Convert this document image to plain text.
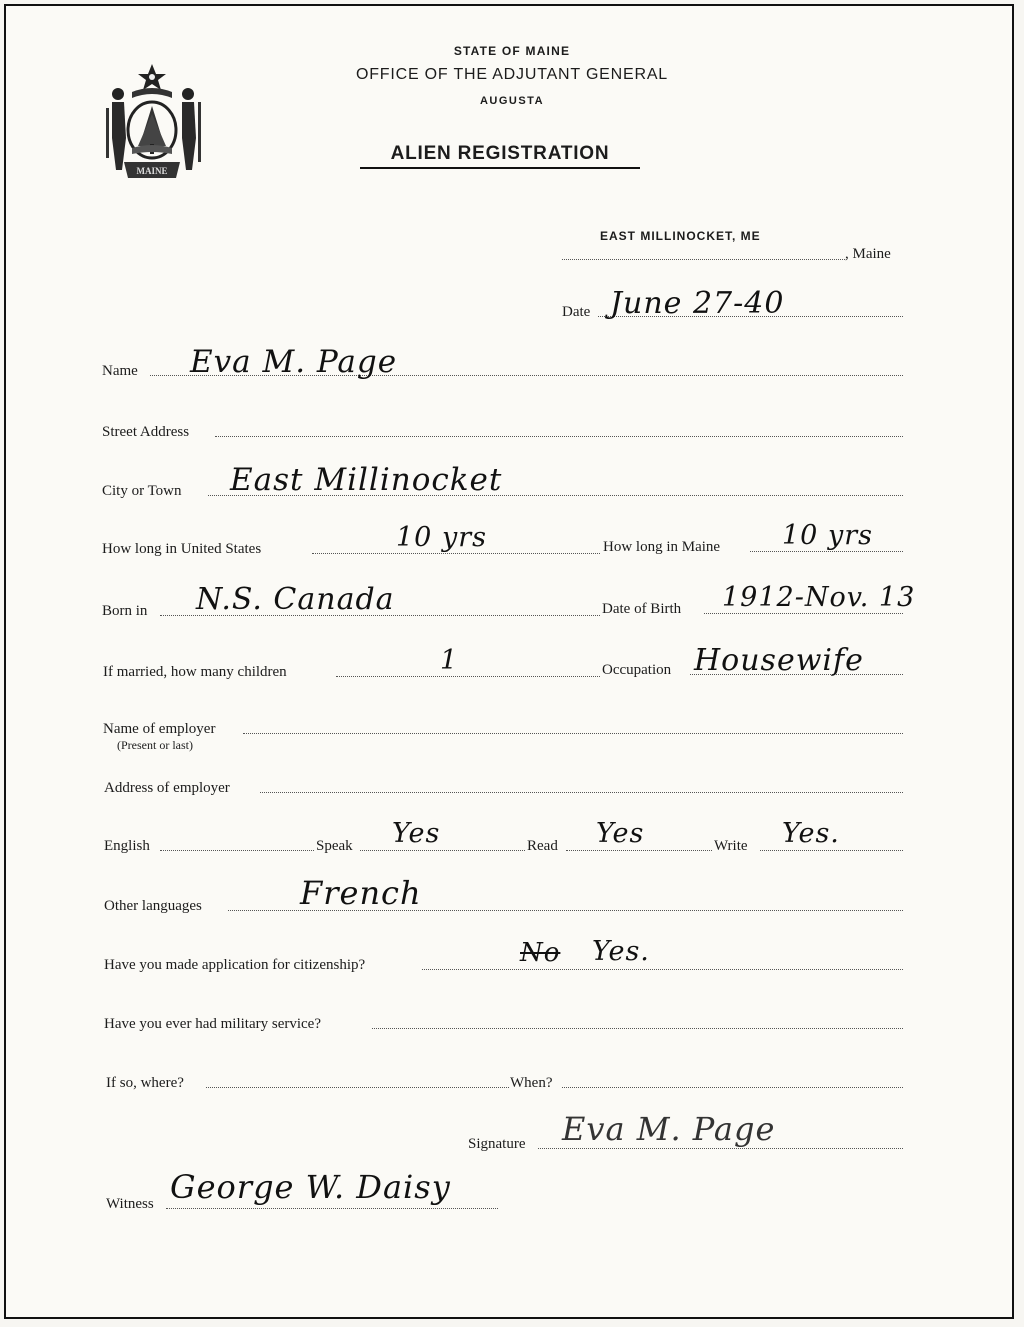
MAINE
STATE OF MAINE
OFFICE OF THE ADJUTANT GENERAL
AUGUSTA
ALIEN REGISTRATION
EAST MILLINOCKET, ME
, Maine
Date June 27-40
Name Eva M. Page
Street Address
City or Town East Millinocket
How long in United States	10 yrs	How long in Maine 10 yrs
Born in N.S. Canada	Date of Birth 1912-Nov. 13
If married, how many children	1	Occupation Housewife
Name of employer
(Present or last)
Address of employer
English	Speak Yes	Read Yes	Write Yes.
Other languages	French
Have you made application for citizenship?	No Yes.
Have you ever had military service?
If so, where?	When?
Signature Eva M. Page
Witness George W. Daisy
